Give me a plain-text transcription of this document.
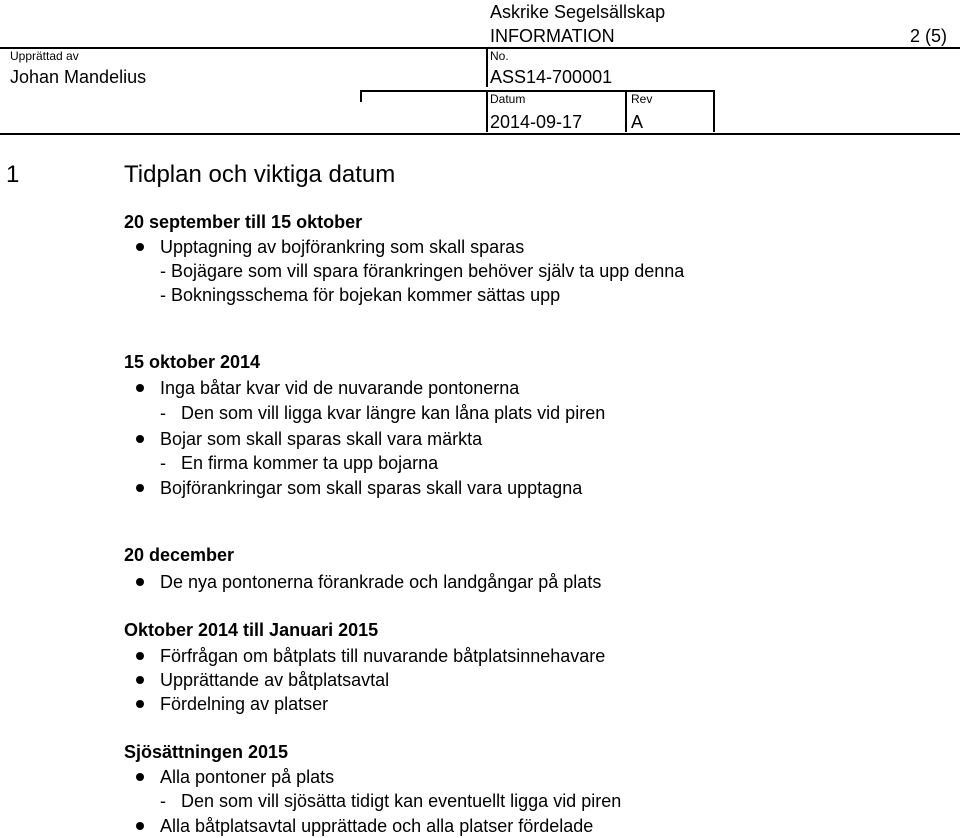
Askrike Segelsällskap
INFORMATION	2 (5)
Upprättad av
Johan Mandelius
No.
ASS14-700001
Datum
2014-09-17
Rev
A
1	Tidplan och viktiga datum
20 september till 15 oktober
Upptagning av bojförankring som skall sparas
- Bojägare som vill spara förankringen behöver själv ta upp denna
- Bokningsschema för bojekan kommer sättas upp
15 oktober 2014
Inga båtar kvar vid de nuvarande pontonerna
-   Den som vill ligga kvar längre kan låna plats vid piren
Bojar som skall sparas skall vara märkta
-   En firma kommer ta upp bojarna
Bojförankringar som skall sparas skall vara upptagna
20 december
De nya pontonerna förankrade och landgångar på plats
Oktober 2014 till Januari 2015
Förfrågan om båtplats till nuvarande båtplatsinnehavare
Upprättande av båtplatsavtal
Fördelning av platser
Sjösättningen 2015
Alla pontoner på plats
-   Den som vill sjösätta tidigt kan eventuellt ligga vid piren
Alla båtplatsavtal upprättade och alla platser fördelade
